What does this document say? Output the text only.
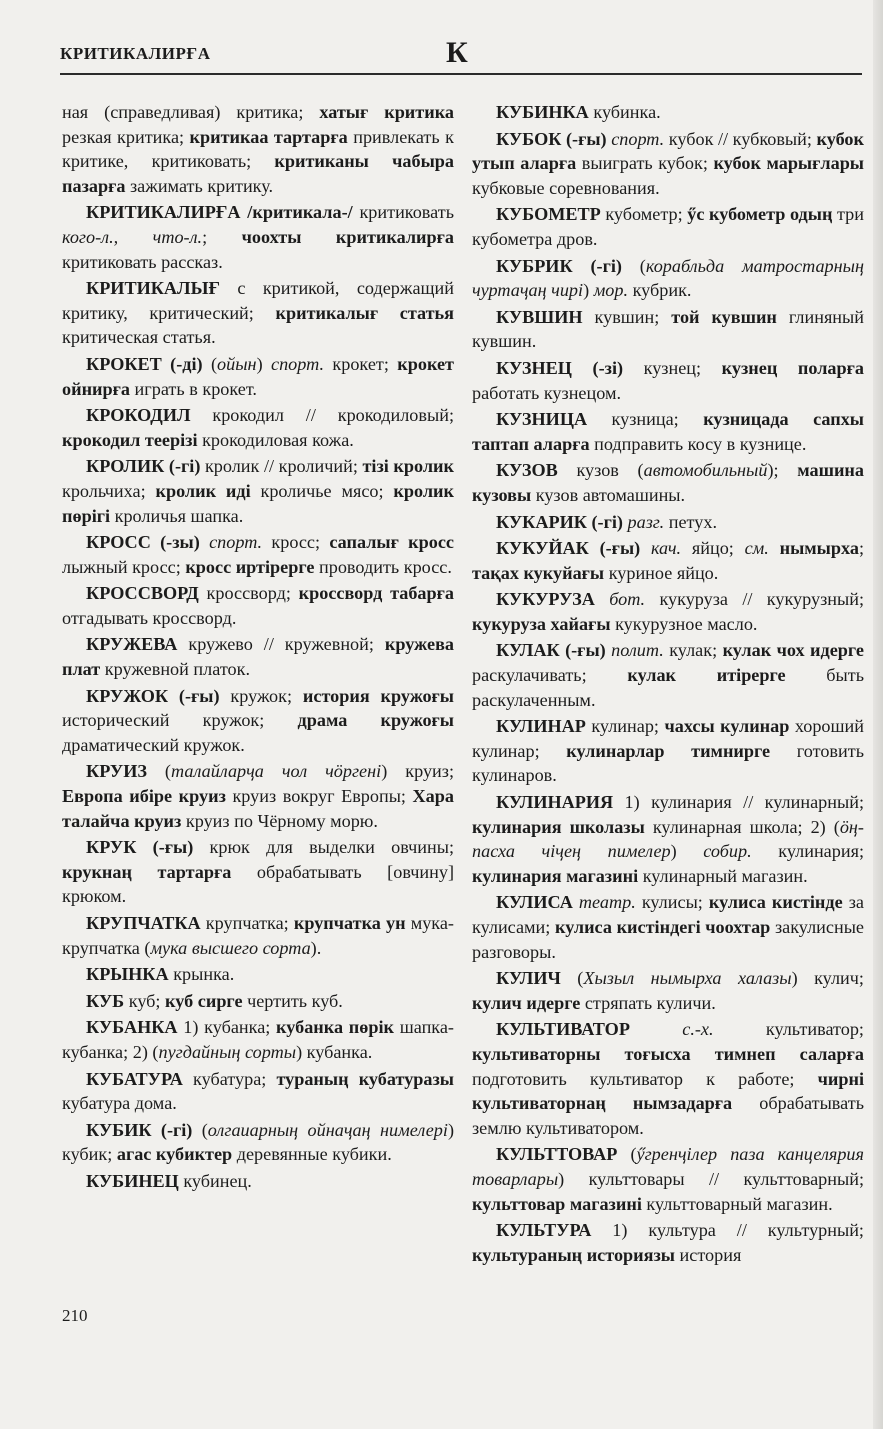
КРИТИКАЛИРҒА	К

ная (справедливая) критика; хатығ критика резкая критика; критикаа тартарға привлекать к критике, критиковать; критиканы чабыра пазарға зажимать критику.

КРИТИКАЛИРҒА /критикала-/ критиковать кого-л., что-л.; чоохты критикалирға критиковать рассказ.

КРИТИКАЛЫҒ с критикой, содержащий критику, критический; критикалығ статья критическая статья.

КРОКЕТ (-ді) (ойын) спорт. крокет; крокет ойнирға играть в крокет.

КРОКОДИЛ крокодил // крокодиловый; крокодил теерізі крокодиловая кожа.

КРОЛИК (-гі) кролик // кроличий; тізі кролик крольчиха; кролик иді кроличье мясо; кролик пөрігі кроличья шапка.

КРОСС (-зы) спорт. кросс; сапалығ кросс лыжный кросс; кросс иртірерге проводить кросс.

КРОССВОРД кроссворд; кроссворд табарға отгадывать кроссворд.

КРУЖЕВА кружево // кружевной; кружева плат кружевной платок.

КРУЖОК (-ғы) кружок; история кружоғы исторический кружок; драма кружоғы драматический кружок.

КРУИЗ (талайларҷа чол чӧргені) круиз; Европа ибіре круиз круиз вокруг Европы; Хара талайча круиз круиз по Чёрному морю.

КРУК (-ғы) крюк для выделки овчины; крукнаң тартарға обрабатывать [овчину] крюком.

КРУПЧАТКА крупчатка; крупчатка ун мука-крупчатка (мука высшего сорта).

КРЫНКА крынка.

КУБ куб; куб сирге чертить куб.

КУБАНКА 1) кубанка; кубанка пөрік шапка-кубанка; 2) (пугдайның сорты) кубанка.

КУБАТУРА кубатура; тураның кубатуразы кубатура дома.

КУБИК (-гі) (олгаиарның ойнаҷаң нимелері) кубик; агас кубиктер деревянные кубики.

КУБИНЕЦ кубинец.

КУБИНКА кубинка.

КУБОК (-ғы) спорт. кубок // кубковый; кубок утып аларға выиграть кубок; кубок марығлары кубковые соревнования.

КУБОМЕТР кубометр; ӳс кубометр одың три кубометра дров.

КУБРИК (-гі) (корабльда матростарның чуртаҷаң чирі) мор. кубрик.

КУВШИН кувшин; той кувшин глиняный кувшин.

КУЗНЕЦ (-зі) кузнец; кузнец поларға работать кузнецом.

КУЗНИЦА кузница; кузницада сапхы таптап аларға подправить косу в кузнице.

КУЗОВ кузов (автомобильный); машина кузовы кузов автомашины.

КУКАРИК (-гі) разг. петух.

КУКУЙАК (-ғы) кач. яйцо; см. нымырха; тақах кукуйағы куриное яйцо.

КУКУРУЗА бот. кукуруза // кукурузный; кукуруза хайағы кукурузное масло.

КУЛАК (-ғы) полит. кулак; кулак чох идерге раскулачивать; кулак итірерге быть раскулаченным.

КУЛИНАР кулинар; чахсы кулинар хороший кулинар; кулинарлар тимнирге готовить кулинаров.

КУЛИНАРИЯ 1) кулинария // кулинарный; кулинария школазы кулинарная школа; 2) (ӧң-пасха чіҷең пимелер) собир. кулинария; кулинария магазині кулинарный магазин.

КУЛИСА театр. кулисы; кулиса кистінде за кулисами; кулиса кистіндегі чоохтар закулисные разговоры.

КУЛИЧ (Хызыл нымырха халазы) кулич; кулич идерге стряпать куличи.

КУЛЬТИВАТОР	с.-х. культиватор; культиваторны тоғысха тимнеп саларға подготовить культиватор к работе; чирні культиваторнаң нымзадарға обрабатывать землю культиватором.

КУЛЬТТОВАР (ӳгренҷілер паза канцелярия товарлары) культтовары // культтоварный; культтовар магазині культтоварный магазин.

КУЛЬТУРА 1) культура // культурный; культураның историязы история

210
